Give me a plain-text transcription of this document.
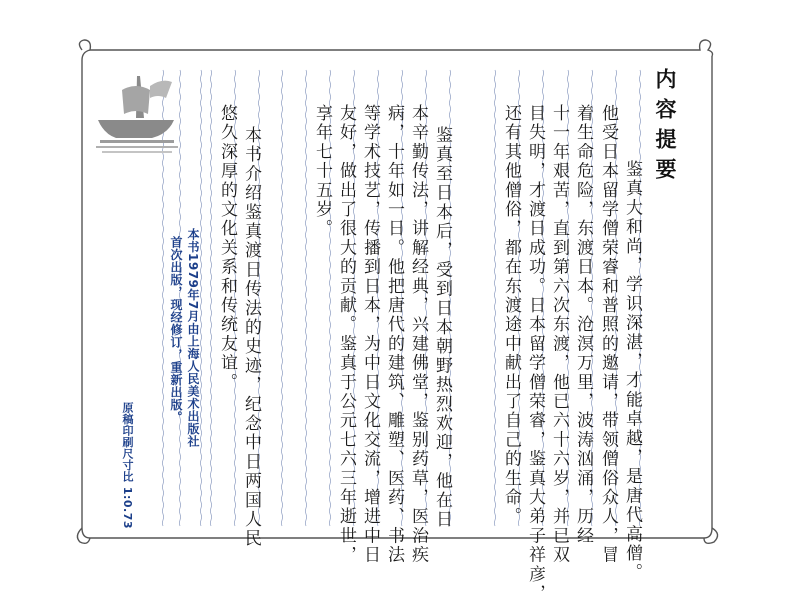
内容提要
鉴真大和尚，学识深湛，才能卓越，是唐代高僧。
他受日本留学僧荣睿和普照的邀请，带领僧俗众人，冒
着生命危险，东渡日本。沧溟万里，波涛汹涌，历经
十一年艰苦，直到第六次东渡，他已六十六岁，并已双
目失明，才渡日成功。日本留学僧荣睿，鉴真大弟子祥彦，
还有其他僧俗，都在东渡途中献出了自己的生命。
鉴真至日本后，受到日本朝野热烈欢迎，他在日
本辛勤传法，讲解经典，兴建佛堂，鉴别药草，医治疾
病，十年如一日。他把唐代的建筑、雕塑、医药、书法
等学术技艺，传播到日本，为中日文化交流，增进中日
友好，做出了很大的贡献。鉴真于公元七六三年逝世，
享年七十五岁。
本书介绍鉴真渡日传法的史迹，纪念中日两国人民
悠久深厚的文化关系和传统友谊。
本书1979年7月由上海人民美术出版社
首次出版，现经修订，重新出版。
原稿印刷尺寸比 1:0.73
